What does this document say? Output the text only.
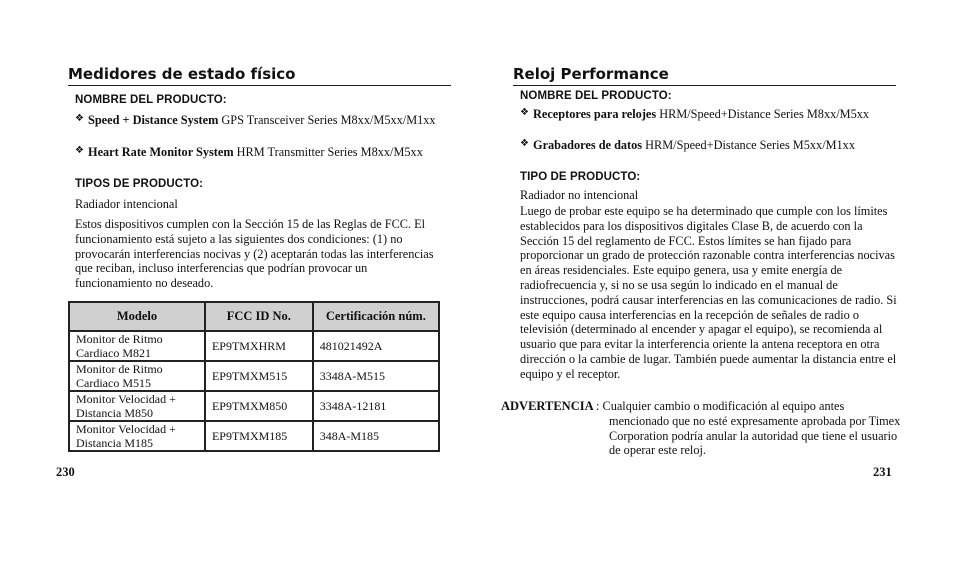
Medidores de estado físico
NOMBRE DEL PRODUCTO:
❖ Speed + Distance System GPS Transceiver Series M8xx/M5xx/M1xx
❖ Heart Rate Monitor System HRM Transmitter Series M8xx/M5xx
TIPOS DE PRODUCTO:
Radiador intencional
Estos dispositivos cumplen con la Sección 15 de las Reglas de FCC. El funcionamiento está sujeto a las siguientes dos condiciones: (1) no provocarán interferencias nocivas y (2) aceptarán todas las interferencias que reciban, incluso interferencias que podrían provocar un funcionamiento no deseado.
Modelo	FCC ID No.	Certificación núm.
Monitor de Ritmo Cardiaco M821	EP9TMXHRM	481021492A
Monitor de Ritmo Cardiaco M515	EP9TMXM515	3348A-M515
Monitor Velocidad + Distancia M850	EP9TMXM850	3348A-12181
Monitor Velocidad + Distancia M185	EP9TMXM185	348A-M185
230
Reloj Performance
NOMBRE DEL PRODUCTO:
❖ Receptores para relojes HRM/Speed+Distance Series M8xx/M5xx
❖ Grabadores de datos HRM/Speed+Distance Series M5xx/M1xx
TIPO DE PRODUCTO:
Radiador no intencional
Luego de probar este equipo se ha determinado que cumple con los límites establecidos para los dispositivos digitales Clase B, de acuerdo con la Sección 15 del reglamento de FCC. Estos límites se han fijado para proporcionar un grado de protección razonable contra interferencias nocivas en áreas residenciales. Este equipo genera, usa y emite energía de radiofrecuencia y, si no se usa según lo indicado en el manual de instrucciones, podrá causar interferencias en las comunicaciones de radio. Si este equipo causa interferencias en la recepción de señales de radio o televisión (determinado al encender y apagar el equipo), se recomienda al usuario que para evitar la interferencia oriente la antena receptora en otra dirección o la cambie de lugar. También puede aumentar la distancia entre el equipo y el receptor.
231
ADVERTENCIA : Cualquier cambio o modificación al equipo antes mencionado que no esté expresamente aprobada por Timex Corporation podría anular la autoridad que tiene el usuario de operar este reloj.
